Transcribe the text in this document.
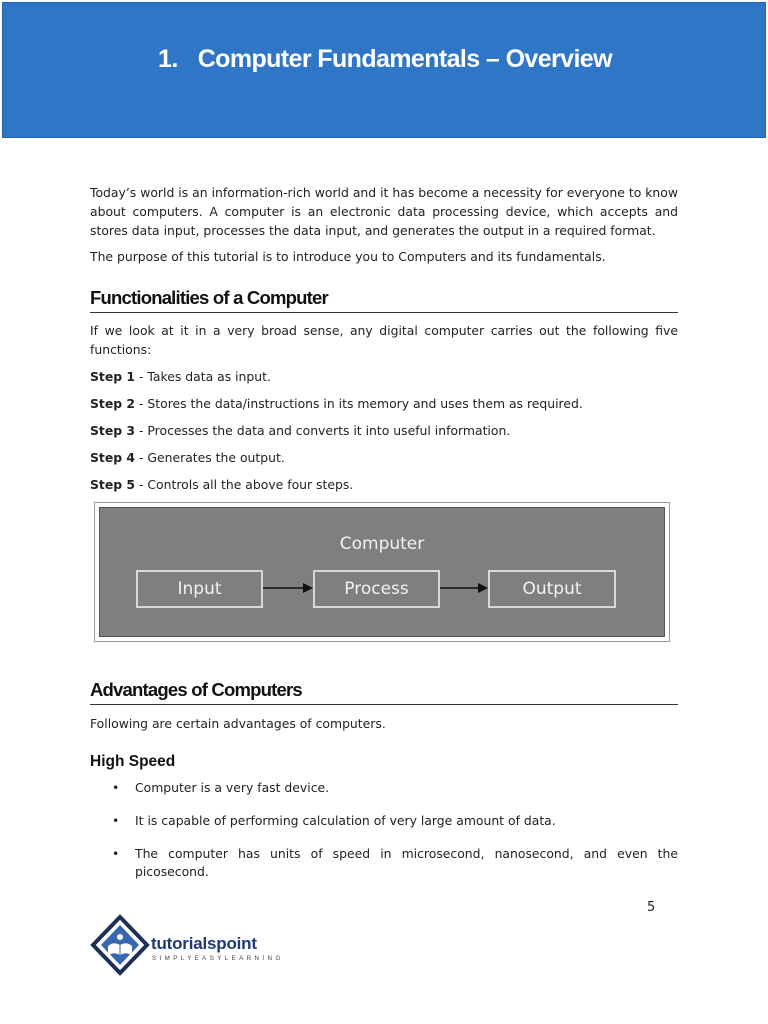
1. Computer Fundamentals – Overview

Today’s world is an information-rich world and it has become a necessity for everyone to know about computers. A computer is an electronic data processing device, which accepts and stores data input, processes the data input, and generates the output in a required format.

The purpose of this tutorial is to introduce you to Computers and its fundamentals.

Functionalities of a Computer

If we look at it in a very broad sense, any digital computer carries out the following five functions:

Step 1 - Takes data as input.

Step 2 - Stores the data/instructions in its memory and uses them as required.

Step 3 - Processes the data and converts it into useful information.

Step 4 - Generates the output.

Step 5 - Controls all the above four steps.

Computer
Input	Process	Output
Advantages of Computers

Following are certain advantages of computers.

High Speed
• Computer is a very fast device.
• It is capable of performing calculation of very large amount of data.
• The computer has units of speed in microsecond, nanosecond, and even the picosecond.
5
tutorialspoint
SIMPLYEASYLEARNING
